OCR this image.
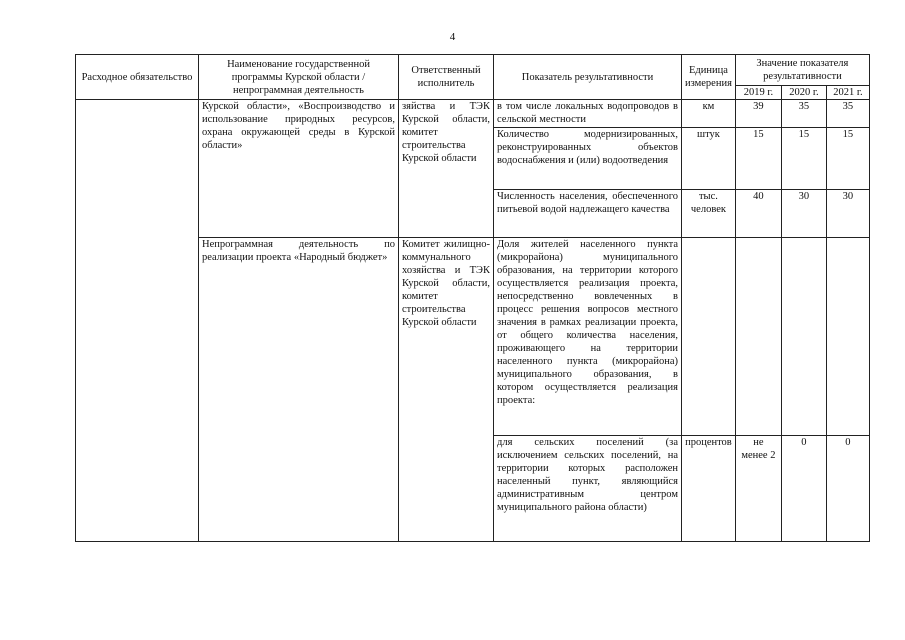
4
Расходное обязательство	Наименование государственной программы Курской области / непрограммная деятельность	Ответственный исполнитель	Показатель результативности	Единица измерения	Значение показателя результативности		
					2019 г.	2020 г.	2021 г.
	Курской области», «Воспроизводство и использование природных ресурсов, охрана окружающей среды в Курской области»	зяйства и ТЭК Курской области, комитет строительства Курской области	в том числе локальных водопроводов в сельской местности	км	39	35	35
			Количество модернизированных, реконструированных объектов водоснабжения и (или) водоотведения	штук	15	15	15
			Численность населения, обеспеченного питьевой водой надлежащего качества	тыс. человек	40	30	30
	Непрограммная деятельность по реализации проекта «Народный бюджет»	Комитет жилищно-коммунального хозяйства и ТЭК Курской области, комитет строительства Курской области	Доля жителей населенного пункта (микрорайона) муниципального образования, на территории которого осуществляется реализация проекта, непосредственно вовлеченных в процесс решения вопросов местного значения в рамках реализации проекта, от общего количества населения, проживающего на территории населенного пункта (микрорайона) муниципального образования, в котором осуществляется реализация проекта:				
			для сельских поселений (за исключением сельских поселений, на территории которых расположен населенный пункт, являющийся административным центром муниципального района области)	процентов	не менее 2	0	0
